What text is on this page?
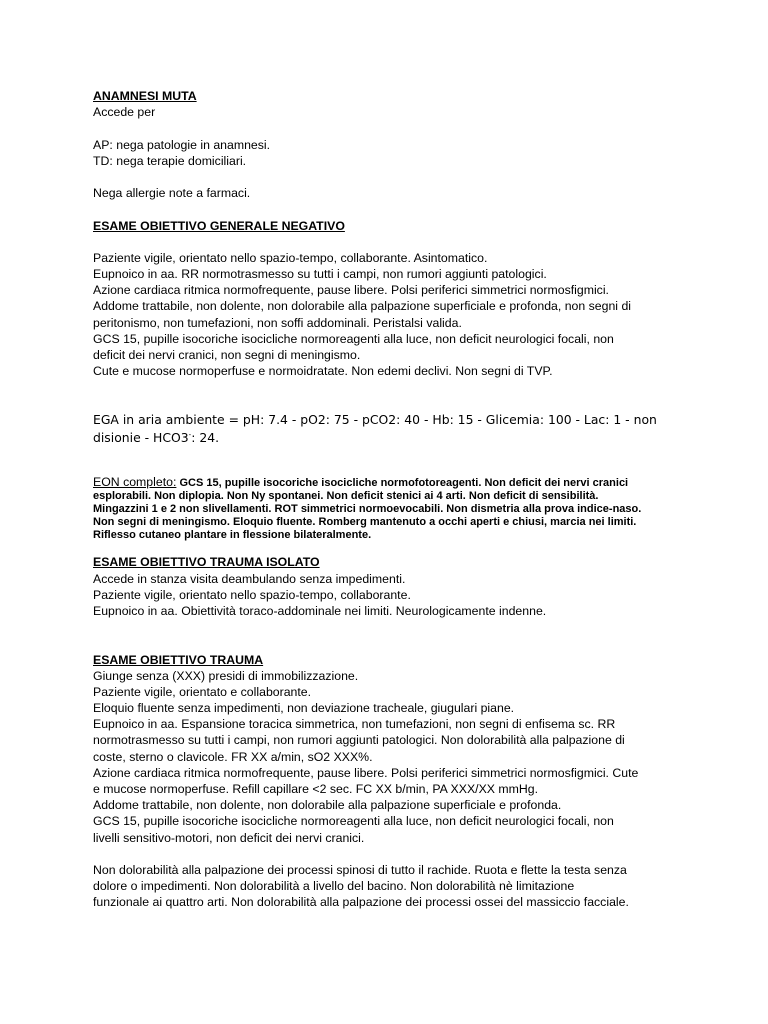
ANAMNESI MUTA
Accede per
AP: nega patologie in anamnesi.
TD: nega terapie domiciliari.
Nega allergie note a farmaci.
ESAME OBIETTIVO GENERALE NEGATIVO
Paziente vigile, orientato nello spazio-tempo, collaborante. Asintomatico.
Eupnoico in aa. RR normotrasmesso su tutti i campi, non rumori aggiunti patologici.
Azione cardiaca ritmica normofrequente, pause libere. Polsi periferici simmetrici normosfigmici.
Addome trattabile, non dolente, non dolorabile alla palpazione superficiale e profonda, non segni di
peritonismo, non tumefazioni, non soffi addominali. Peristalsi valida.
GCS 15, pupille isocoriche isocicliche normoreagenti alla luce, non deficit neurologici focali, non
deficit dei nervi cranici, non segni di meningismo.
Cute e mucose normoperfuse e normoidratate. Non edemi declivi. Non segni di TVP.
EGA in aria ambiente = pH: 7.4 - pO2: 75 - pCO2: 40 - Hb: 15 - Glicemia: 100 - Lac: 1 - non
disionie - HCO3-: 24.
EON completo: GCS 15, pupille isocoriche isocicliche normofotoreagenti. Non deficit dei nervi cranici
esplorabili. Non diplopia. Non Ny spontanei. Non deficit stenici ai 4 arti. Non deficit di sensibilità.
Mingazzini 1 e 2 non slivellamenti. ROT simmetrici normoevocabili. Non dismetria alla prova indice-naso.
Non segni di meningismo. Eloquio fluente. Romberg mantenuto a occhi aperti e chiusi, marcia nei limiti.
Riflesso cutaneo plantare in flessione bilateralmente.
ESAME OBIETTIVO TRAUMA ISOLATO
Accede in stanza visita deambulando senza impedimenti.
Paziente vigile, orientato nello spazio-tempo, collaborante.
Eupnoico in aa. Obiettività toraco-addominale nei limiti. Neurologicamente indenne.
ESAME OBIETTIVO TRAUMA
Giunge senza (XXX) presidi di immobilizzazione.
Paziente vigile, orientato e collaborante.
Eloquio fluente senza impedimenti, non deviazione tracheale, giugulari piane.
Eupnoico in aa. Espansione toracica simmetrica, non tumefazioni, non segni di enfisema sc. RR
normotrasmesso su tutti i campi, non rumori aggiunti patologici. Non dolorabilità alla palpazione di
coste, sterno o clavicole. FR XX a/min, sO2 XXX%.
Azione cardiaca ritmica normofrequente, pause libere. Polsi periferici simmetrici normosfigmici. Cute
e mucose normoperfuse. Refill capillare <2 sec. FC XX b/min, PA XXX/XX mmHg.
Addome trattabile, non dolente, non dolorabile alla palpazione superficiale e profonda.
GCS 15, pupille isocoriche isocicliche normoreagenti alla luce, non deficit neurologici focali, non
livelli sensitivo-motori, non deficit dei nervi cranici.
Non dolorabilità alla palpazione dei processi spinosi di tutto il rachide. Ruota e flette la testa senza
dolore o impedimenti. Non dolorabilità a livello del bacino. Non dolorabilità nè limitazione
funzionale ai quattro arti. Non dolorabilità alla palpazione dei processi ossei del massiccio facciale.
